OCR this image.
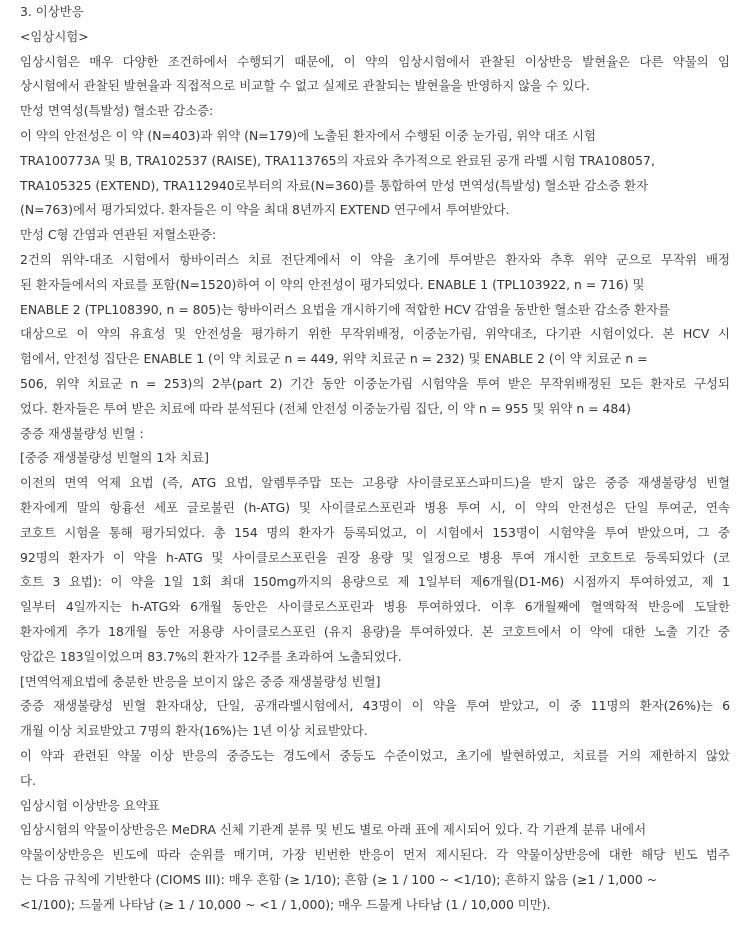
3. 이상반응
<임상시험>
임상시험은 매우 다양한 조건하에서 수행되기 때문에, 이 약의 임상시험에서 관찰된 이상반응 발현율은 다른 약물의 임
상시험에서 관찰된 발현율과 직접적으로 비교할 수 없고 실제로 관찰되는 발현율을 반영하지 않을 수 있다.
만성 면역성(특발성) 혈소판 감소증:
이 약의 안전성은 이 약 (N=403)과 위약 (N=179)에 노출된 환자에서 수행된 이중 눈가림, 위약 대조 시험
TRA100773A 및 B, TRA102537 (RAISE), TRA113765의 자료와 추가적으로 완료된 공개 라벨 시험 TRA108057,
TRA105325 (EXTEND), TRA112940로부터의 자료(N=360)를 통합하여 만성 면역성(특발성) 혈소판 감소증 환자
(N=763)에서 평가되었다. 환자들은 이 약을 최대 8년까지 EXTEND 연구에서 투여받았다.
만성 C형 간염과 연관된 저혈소판증:
2건의 위약-대조 시험에서 항바이러스 치료 전단계에서 이 약을 초기에 투여받은 환자와 추후 위약 군으로 무작위 배정
된 환자들에서의 자료를 포함(N=1520)하여 이 약의 안전성이 평가되었다. ENABLE 1 (TPL103922, n = 716) 및
ENABLE 2 (TPL108390, n = 805)는 항바이러스 요법을 개시하기에 적합한 HCV 감염을 동반한 혈소판 감소증 환자를
대상으로 이 약의 유효성 및 안전성을 평가하기 위한 무작위배정, 이중눈가림, 위약대조, 다기관 시험이었다. 본 HCV 시
험에서, 안전성 집단은 ENABLE 1 (이 약 치료군 n = 449, 위약 치료군 n = 232) 및 ENABLE 2 (이 약 치료군 n =
506, 위약 치료군 n = 253)의 2부(part 2) 기간 동안 이중눈가림 시험약을 투여 받은 무작위배정된 모든 환자로 구성되
었다. 환자들은 투여 받은 치료에 따라 분석된다 (전체 안전성 이중눈가림 집단, 이 약 n = 955 및 위약 n = 484)
중증 재생불량성 빈혈 :
[중증 재생불량성 빈혈의 1차 치료]
이전의 면역 억제 요법 (즉, ATG 요법, 알렘투주맙 또는 고용량 사이클로포스파미드)을 받지 않은 중증 재생불량성 빈혈
환자에게 말의 항흉선 세포 글로불린 (h-ATG) 및 사이클로스포린과 병용 투여 시, 이 약의 안전성은 단일 투여군, 연속
코호트 시험을 통해 평가되었다. 총 154 명의 환자가 등록되었고, 이 시험에서 153명이 시험약을 투여 받았으며, 그 중
92명의 환자가 이 약을 h-ATG 및 사이클로스포린을 권장 용량 및 일정으로 병용 투여 개시한 코호트로 등록되었다 (코
호트 3 요법): 이 약을 1일 1회 최대 150mg까지의 용량으로 제 1일부터 제6개월(D1-M6) 시점까지 투여하였고, 제 1
일부터 4일까지는 h-ATG와 6개월 동안은 사이클로스포린과 병용 투여하였다. 이후 6개월째에 혈액학적 반응에 도달한
환자에게 추가 18개월 동안 저용량 사이클로스포린 (유지 용량)을 투여하였다. 본 코호트에서 이 약에 대한 노출 기간 중
앙값은 183일이었으며 83.7%의 환자가 12주를 초과하여 노출되었다.
[면역억제요법에 충분한 반응을 보이지 않은 중증 재생불량성 빈혈]
중증 재생불량성 빈혈 환자대상, 단일, 공개라벨시험에서, 43명이 이 약을 투여 받았고, 이 중 11명의 환자(26%)는 6
개월 이상 치료받았고 7명의 환자(16%)는 1년 이상 치료받았다.
이 약과 관련된 약물 이상 반응의 중증도는 경도에서 중등도 수준이었고, 초기에 발현하였고, 치료를 거의 제한하지 않았
다.
임상시험 이상반응 요약표
임상시험의 약물이상반응은 MeDRA 신체 기관계 분류 및 빈도 별로 아래 표에 제시되어 있다. 각 기관계 분류 내에서
약물이상반응은 빈도에 따라 순위를 매기며, 가장 빈번한 반응이 먼저 제시된다. 각 약물이상반응에 대한 해당 빈도 범주
는 다음 규칙에 기반한다 (CIOMS III): 매우 흔함 (≥ 1/10); 흔함 (≥ 1 / 100 ~ <1/10); 흔하지 않음 (≥1 / 1,000 ~
<1/100); 드물게 나타남 (≥ 1 / 10,000 ~ <1 / 1,000); 매우 드물게 나타남 (1 / 10,000 미만).
